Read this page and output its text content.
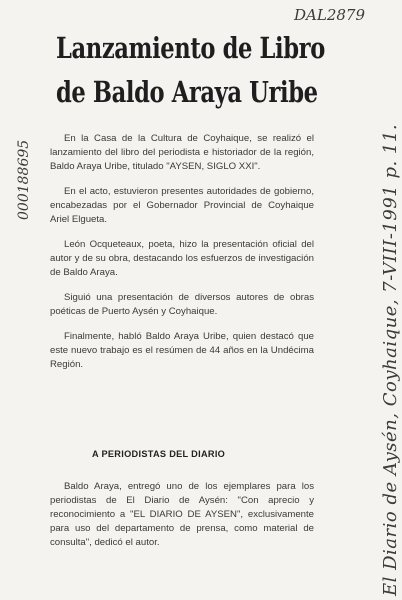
DAL2879
Lanzamiento de Libro
de Baldo Araya Uribe
000188695

En la Casa de la Cultura de Coyhaique, se realizó el lanzamiento del libro del periodista e historiador de la región, Baldo Araya Uribe, titulado "AYSEN, SIGLO XXI".

En el acto, estuvieron presentes autoridades de gobierno, encabezadas por el Gobernador Provincial de Coyhaique Ariel Elgueta.

León Ocqueteaux, poeta, hizo la presentación oficial del autor y de su obra, destacando los esfuerzos de investigación de Baldo Araya.

Siguió una presentación de diversos autores de obras poéticas de Puerto Aysén y Coyhaique.

Finalmente, habló Baldo Araya Uribe, quien destacó que este nuevo trabajo es el resúmen de 44 años en la Undécima Región.

A PERIODISTAS DEL DIARIO

Baldo Araya, entregó uno de los ejemplares para los periodistas de El Diario de Aysén: "Con aprecio y reconocimiento a "EL DIARIO DE AYSEN", exclusivamente para uso del departamento de prensa, como material de consulta", dedicó el autor.	El Diario de Aysén, Coyhaique, 7-VIII-1991 p. 11.
